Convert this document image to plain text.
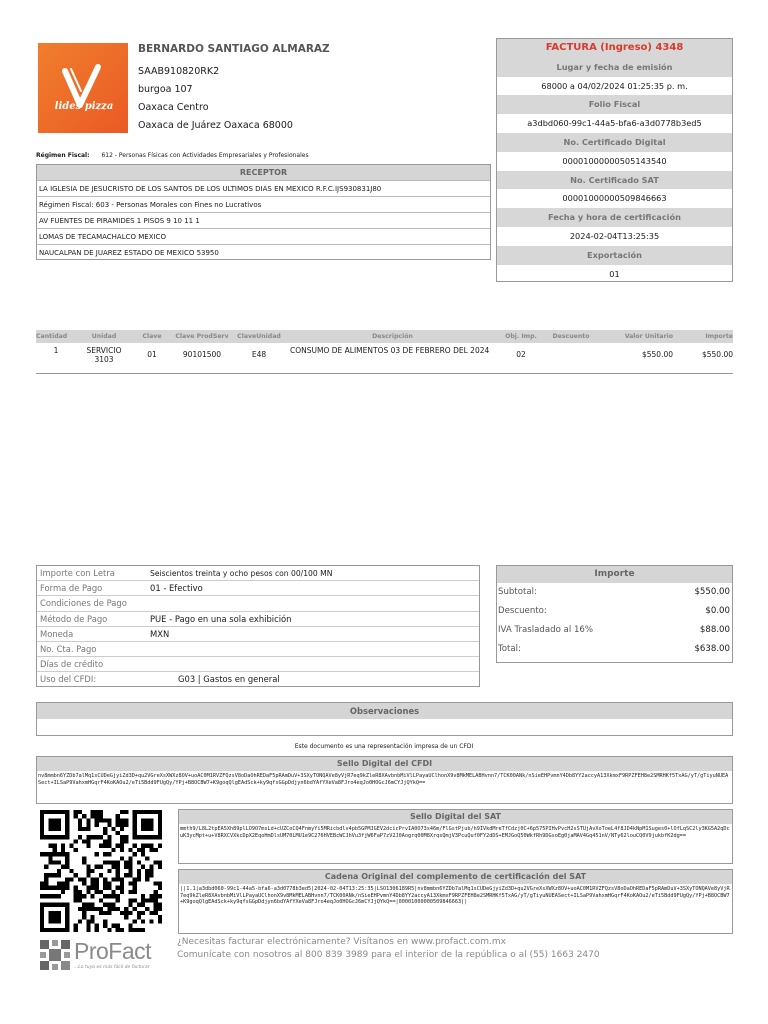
lides pizza
BERNARDO SANTIAGO ALMARAZ
SAAB910820RK2
burgoa 107
Oaxaca Centro
Oaxaca de Juárez Oaxaca 68000
Régimen Fiscal: 612 - Personas Físicas con Actividades Empresariales y Profesionales
FACTURA (Ingreso) 4348
Lugar y fecha de emisión
68000 a 04/02/2024 01:25:35 p. m.
Folio Fiscal
a3dbd060-99c1-44a5-bfa6-a3d0778b3ed5
No. Certificado Digital
00001000000505143540
No. Certificado SAT
00001000000509846663
Fecha y hora de certificación
2024-02-04T13:25:35
Exportación
01
RECEPTOR
LA IGLESIA DE JESUCRISTO DE LOS SANTOS DE LOS ULTIMOS DIAS EN MEXICO R.F.C.IJS930831J80
Régimen Fiscal: 603 - Personas Morales con Fines no Lucrativos
AV FUENTES DE PIRAMIDES 1 PISOS 9 10 11 1
LOMAS DE TECAMACHALCO MEXICO
NAUCALPAN DE JUAREZ ESTADO DE MEXICO 53950
Cantidad	Unidad	Clave	Clave ProdServ	ClaveUnidad	Descripción	Obj. Imp.	Descuento	Valor Unitario	Importe
1	SERVICIO 3103	01	90101500	E48	CONSUMO DE ALIMENTOS 03 DE FEBRERO DEL 2024	02		$550.00	$550.00
Importe con Letra	Seiscientos treinta y ocho pesos con 00/100 MN
Forma de Pago	01 - Efectivo
Condiciones de Pago
Método de Pago	PUE - Pago en una sola exhibición
Moneda	MXN
No. Cta. Pago
Días de crédito
Uso del CFDI:	G03 | Gastos en general
Importe
Subtotal:	$550.00
Descuento:	$0.00
IVA Trasladado al 16%	$88.00
Total:	$638.00
Observaciones
Este documento es una representación impresa de un CFDI
Sello Digital del CFDI
nv8mmbn6YZDb7alMq1sCUDeGjyiZd3D+qu2VGreXsXWXz8OV+uoAC0M1RVZFQzsV8oDaOhREDaF5pRAmDuV+3SXyTONQAVe8yVjR7eq9kZleR8XAvbnbMiVlLPayaUClhonX9v8MkMELABHvnn7/TCK00ANk/nSieEHPvmnY4Db8YY2accyA13XkmxF9RPZFEH8e2SMRHKf5TxAG/yT/gTiyuNUEASect+ILSaP9VahxmHGqrF4KoKAOu2/eTi5Bdd9FUgQy/YPj+B8OCBW7+K9goqQlgEAdSck+ky9qfsGGpDdjyn6bdYAfYXeVa8FJro4eqJo0HOGcJ6mCYJjQYkQ==
Sello Digital del SAT
mmth9/L8L2tpEA5Xh89plLO9O7msLd+cUZCoCQ4FnmyYi5MRicbdlv4pb5GPMJGEV2dcicPrvIA0O73s46m/FlGstPjub/h9IVkdMreTfCdzj0C+6p575PIHvPvcH2sSTUjAvXoToeL4f8JD4kNpM1Suges0+lOfLqSC2ly3KG5A2qDcuK3ycMpt+u+V8RXCVXkcDpX2EqoHmDlsUM70LMU1e9C276HVEBcWCJhVu3fjW6FaP7zV2J0Aogrq00M8XrqsQmjV3PcuQuf0FY2dDS+EMJGoQ50WkfRh9DGsoEg0jaMAV4Gq451nV/NTy62louCQ0V9jukbfK2dg==
Cadena Original del complemento de certificación del SAT
||1.1|a3dbd060-99c1-44a5-bfa6-a3d0778b3ed5|2024-02-04T13:25:35|LSO1306189R5|nv8mmbn6YZDb7alMq1sCUDeGjyiZd3D+qu2VGreXsXWXz8OV+uoAC0M1RVZFQzsV8oDaOhREDaF5pRAmDuV+3SXyTONQAVe8yVjR7eq9kZleR8XAvbnbMiVlLPayaUClhonX9v8MkMELABHvnn7/TCK00ANk/nSieEHPvmnY4Db8YY2accyA13XkmxF9RPZFEH8e2SMRHKf5TxAG/yT/gTiyuNUEASect+ILSaP9VahxmHGqrF4KoKAOu2/eTi5Bdd9FUgQy/YPj+B8OCBW7+K9goqQlgEAdSck+ky9qfsGGpDdjyn6bdYAfYXeVa8FJro4eqJo0HOGcJ6mCYJjQYkQ==|00001000000509846663||
ProFact
...Lo tuyo es más fácil de facturar
¿Necesitas facturar electrónicamente? Visítanos en www.profact.com.mx
Comunícate con nosotros al 800 839 3989 para el interior de la república o al (55) 1663 2470
